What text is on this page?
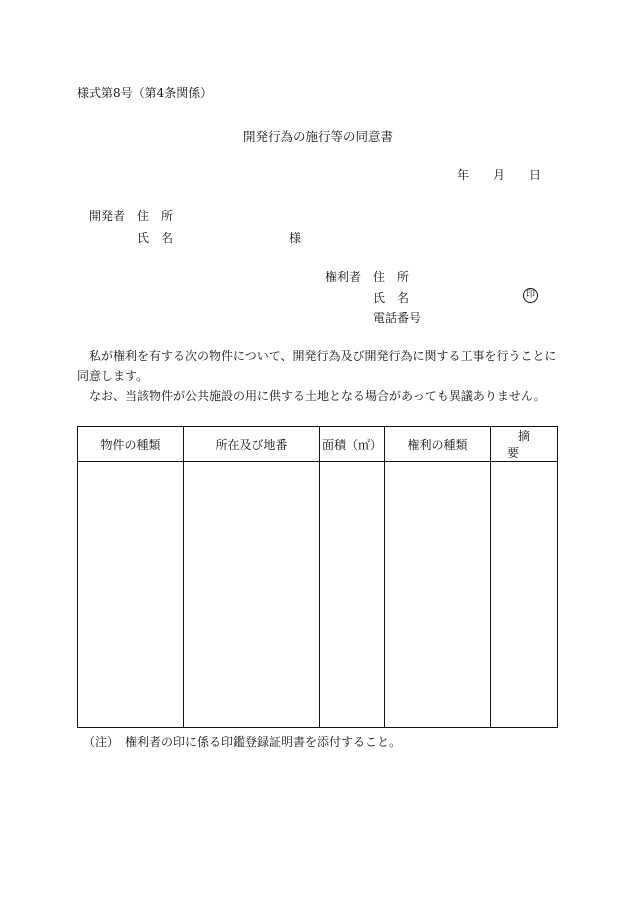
様式第8号（第4条関係）
開発行為の施行等の同意書
年 月 日
開発者 住　所
氏　名	様
権利者 住　所
氏　名	印
電話番号
私が権利を有する次の物件について、開発行為及び開発行為に関する工事を行うことに同意します。
なお、当該物件が公共施設の用に供する土地となる場合があっても異議ありません。
物件の種類	所在及び地番	面積（㎡）	権利の種類	摘要

（注）　権利者の印に係る印鑑登録証明書を添付すること。
